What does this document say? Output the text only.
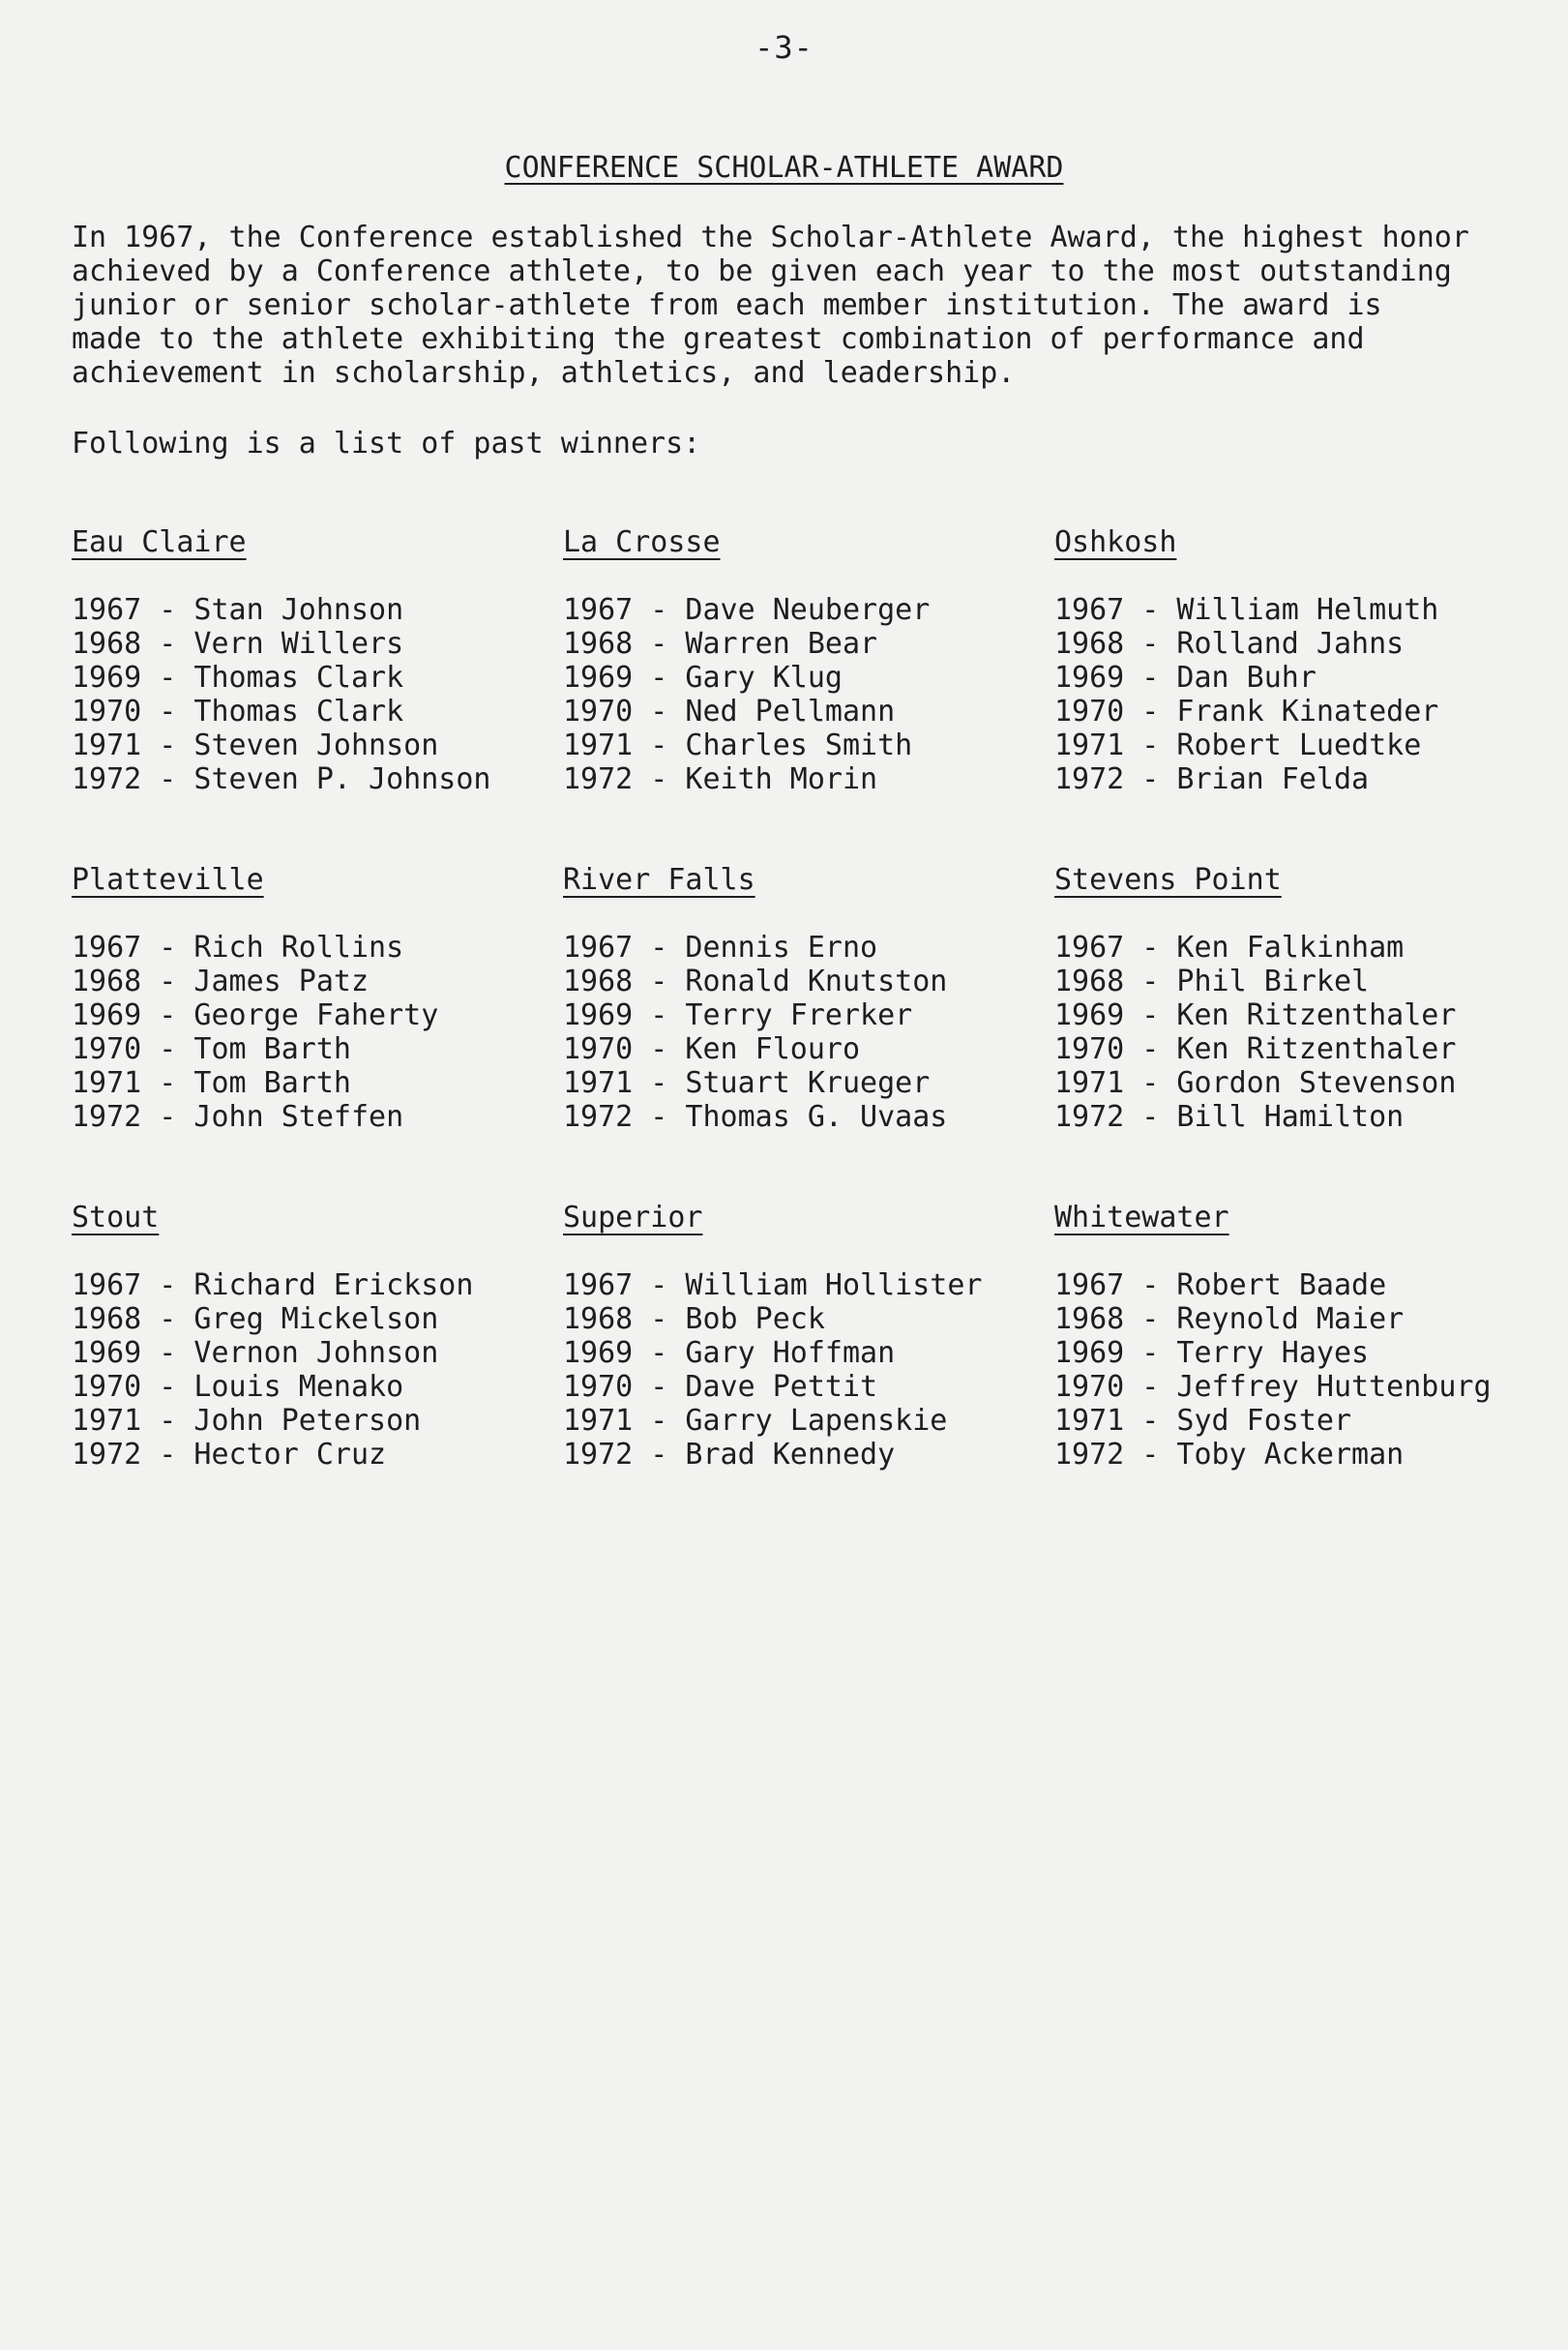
-3-
CONFERENCE SCHOLAR-ATHLETE AWARD

In 1967, the Conference established the Scholar-Athlete Award, the highest honor
achieved by a Conference athlete, to be given each year to the most outstanding
junior or senior scholar-athlete from each member institution. The award is
made to the athlete exhibiting the greatest combination of performance and
achievement in scholarship, athletics, and leadership.

Following is a list of past winners:
Eau Claire
1967 - Stan Johnson
1968 - Vern Willers
1969 - Thomas Clark
1970 - Thomas Clark
1971 - Steven Johnson
1972 - Steven P. Johnson
La Crosse
1967 - Dave Neuberger
1968 - Warren Bear
1969 - Gary Klug
1970 - Ned Pellmann
1971 - Charles Smith
1972 - Keith Morin
Oshkosh
1967 - William Helmuth
1968 - Rolland Jahns
1969 - Dan Buhr
1970 - Frank Kinateder
1971 - Robert Luedtke
1972 - Brian Felda
Platteville
1967 - Rich Rollins
1968 - James Patz
1969 - George Faherty
1970 - Tom Barth
1971 - Tom Barth
1972 - John Steffen
River Falls
1967 - Dennis Erno
1968 - Ronald Knutston
1969 - Terry Frerker
1970 - Ken Flouro
1971 - Stuart Krueger
1972 - Thomas G. Uvaas
Stevens Point
1967 - Ken Falkinham
1968 - Phil Birkel
1969 - Ken Ritzenthaler
1970 - Ken Ritzenthaler
1971 - Gordon Stevenson
1972 - Bill Hamilton
Stout
1967 - Richard Erickson
1968 - Greg Mickelson
1969 - Vernon Johnson
1970 - Louis Menako
1971 - John Peterson
1972 - Hector Cruz
Superior
1967 - William Hollister
1968 - Bob Peck
1969 - Gary Hoffman
1970 - Dave Pettit
1971 - Garry Lapenskie
1972 - Brad Kennedy
Whitewater
1967 - Robert Baade
1968 - Reynold Maier
1969 - Terry Hayes
1970 - Jeffrey Huttenburg
1971 - Syd Foster
1972 - Toby Ackerman
